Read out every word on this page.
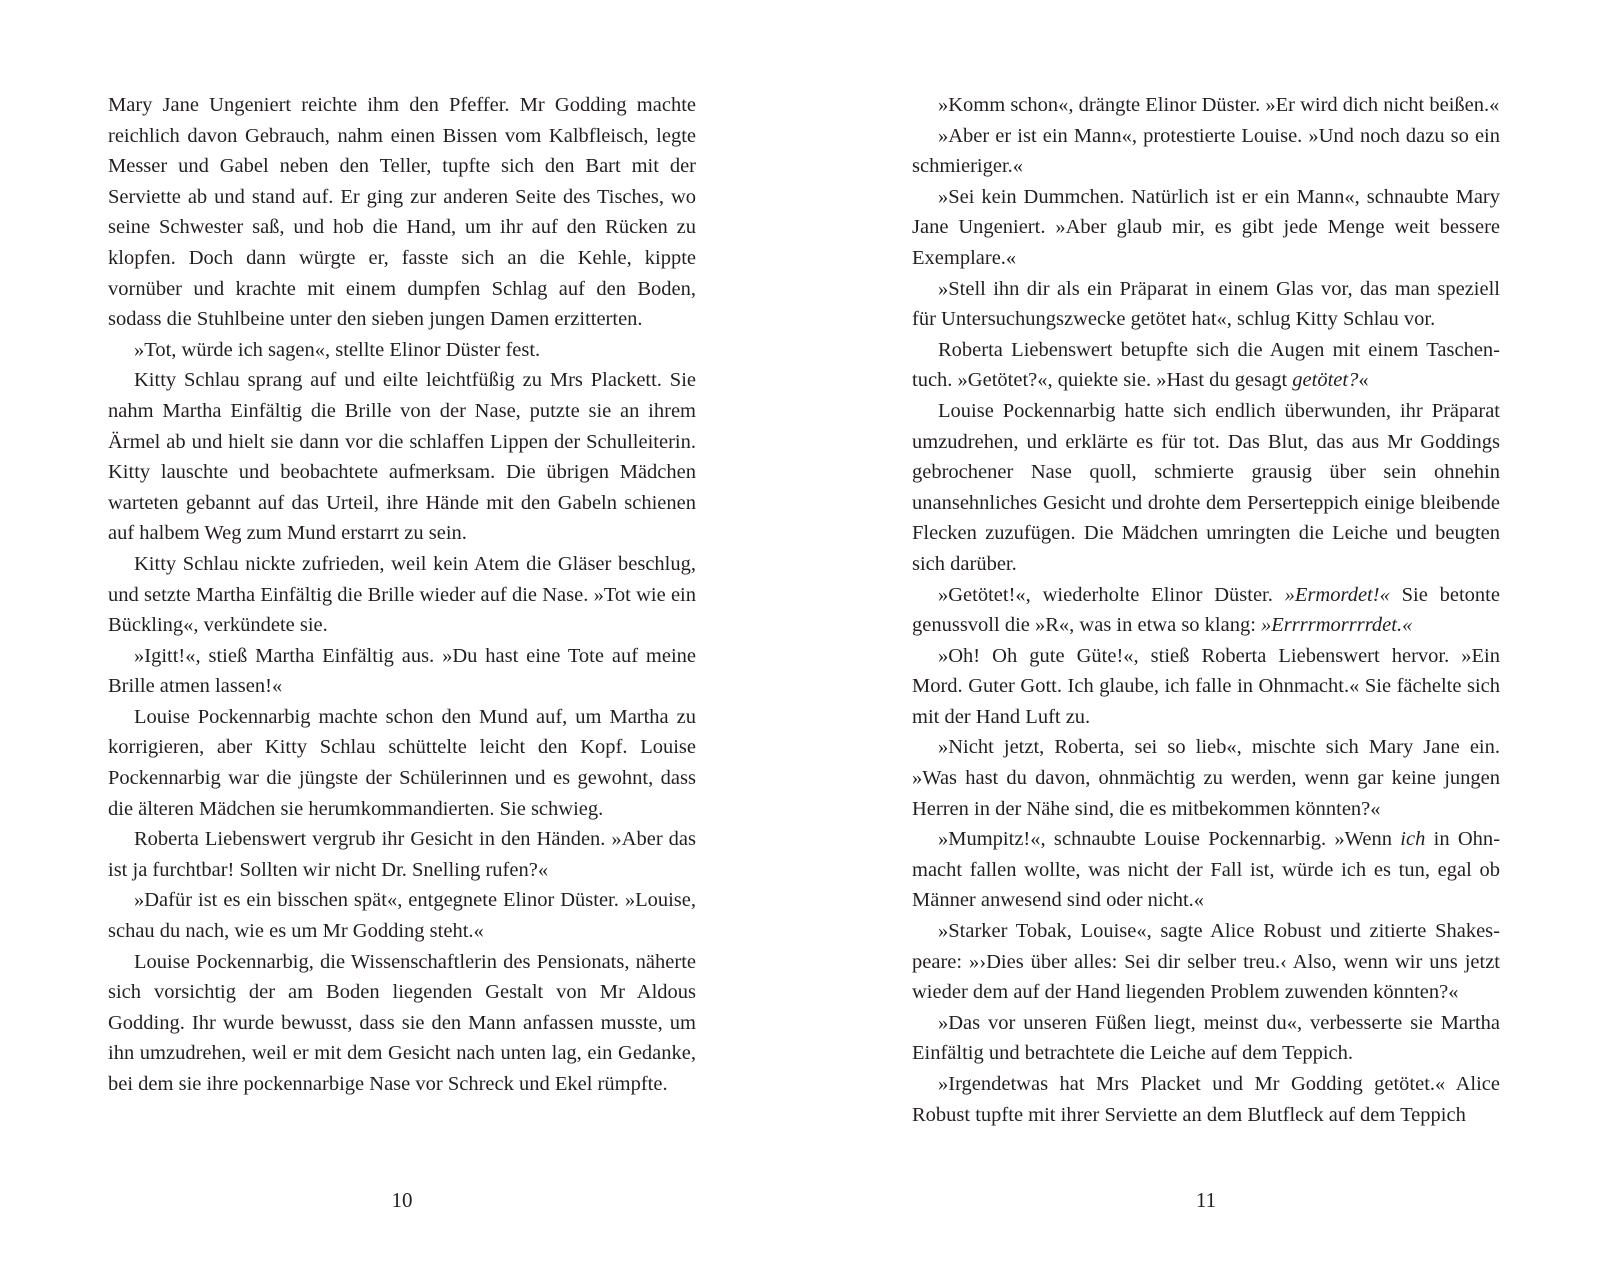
Mary Jane Ungeniert reichte ihm den Pfeffer. Mr Godding machte reichlich davon Gebrauch, nahm einen Bissen vom Kalbfleisch, legte Messer und Gabel neben den Teller, tupfte sich den Bart mit der Serviette ab und stand auf. Er ging zur anderen Seite des Tisches, wo seine Schwester saß, und hob die Hand, um ihr auf den Rücken zu klopfen. Doch dann würgte er, fasste sich an die Kehle, kippte vornüber und krachte mit einem dumpfen Schlag auf den Boden, sodass die Stuhlbeine unter den sieben jungen Damen erzitterten.

»Tot, würde ich sagen«, stellte Elinor Düster fest.

Kitty Schlau sprang auf und eilte leichtfüßig zu Mrs Plackett. Sie nahm Martha Einfältig die Brille von der Nase, putzte sie an ihrem Ärmel ab und hielt sie dann vor die schlaffen Lippen der Schulleiterin. Kitty lauschte und beobachtete aufmerksam. Die übrigen Mädchen warteten gebannt auf das Urteil, ihre Hände mit den Gabeln schienen auf halbem Weg zum Mund erstarrt zu sein.

Kitty Schlau nickte zufrieden, weil kein Atem die Gläser beschlug, und setzte Martha Einfältig die Brille wieder auf die Nase. »Tot wie ein Bückling«, verkündete sie.

»Igitt!«, stieß Martha Einfältig aus. »Du hast eine Tote auf meine Brille atmen lassen!«

Louise Pockennarbig machte schon den Mund auf, um Martha zu korrigieren, aber Kitty Schlau schüttelte leicht den Kopf. Louise Pockennarbig war die jüngste der Schülerinnen und es gewohnt, dass die älteren Mädchen sie herumkommandierten. Sie schwieg.

Roberta Liebenswert vergrub ihr Gesicht in den Händen. »Aber das ist ja furchtbar! Sollten wir nicht Dr. Snelling rufen?«

»Dafür ist es ein bisschen spät«, entgegnete Elinor Düster. »Louise, schau du nach, wie es um Mr Godding steht.«

Louise Pockennarbig, die Wissenschaftlerin des Pensionats, näherte sich vorsichtig der am Boden liegenden Gestalt von Mr Aldous Godding. Ihr wurde bewusst, dass sie den Mann anfassen musste, um ihn umzudrehen, weil er mit dem Gesicht nach unten lag, ein Gedanke, bei dem sie ihre pockennarbige Nase vor Schreck und Ekel rümpfte.

10

»Komm schon«, drängte Elinor Düster. »Er wird dich nicht beißen.«

»Aber er ist ein Mann«, protestierte Louise. »Und noch dazu so ein schmieriger.«

»Sei kein Dummchen. Natürlich ist er ein Mann«, schnaubte Mary Jane Ungeniert. »Aber glaub mir, es gibt jede Menge weit bessere Exemplare.«

»Stell ihn dir als ein Präparat in einem Glas vor, das man speziell für Untersuchungszwecke getötet hat«, schlug Kitty Schlau vor.

Roberta Liebenswert betupfte sich die Augen mit einem Taschentuch. »Getötet?«, quiekte sie. »Hast du gesagt getötet?«

Louise Pockennarbig hatte sich endlich überwunden, ihr Präparat umzudrehen, und erklärte es für tot. Das Blut, das aus Mr Goddings gebrochener Nase quoll, schmierte grausig über sein ohnehin unansehnliches Gesicht und drohte dem Perserteppich einige bleibende Flecken zuzufügen. Die Mädchen umringten die Leiche und beugten sich darüber.

»Getötet!«, wiederholte Elinor Düster. »Ermordet!« Sie betonte genussvoll die »R«, was in etwa so klang: »Errrrmorrrrdet.«

»Oh! Oh gute Güte!«, stieß Roberta Liebenswert hervor. »Ein Mord. Guter Gott. Ich glaube, ich falle in Ohnmacht.« Sie fächelte sich mit der Hand Luft zu.

»Nicht jetzt, Roberta, sei so lieb«, mischte sich Mary Jane ein. »Was hast du davon, ohnmächtig zu werden, wenn gar keine jungen Herren in der Nähe sind, die es mitbekommen könnten?«

»Mumpitz!«, schnaubte Louise Pockennarbig. »Wenn ich in Ohnmacht fallen wollte, was nicht der Fall ist, würde ich es tun, egal ob Männer anwesend sind oder nicht.«

»Starker Tobak, Louise«, sagte Alice Robust und zitierte Shakespeare: »›Dies über alles: Sei dir selber treu.‹ Also, wenn wir uns jetzt wieder dem auf der Hand liegenden Problem zuwenden könnten?«

»Das vor unseren Füßen liegt, meinst du«, verbesserte sie Martha Einfältig und betrachtete die Leiche auf dem Teppich.

»Irgendetwas hat Mrs Placket und Mr Godding getötet.« Alice Robust tupfte mit ihrer Serviette an dem Blutfleck auf dem Teppich

11
